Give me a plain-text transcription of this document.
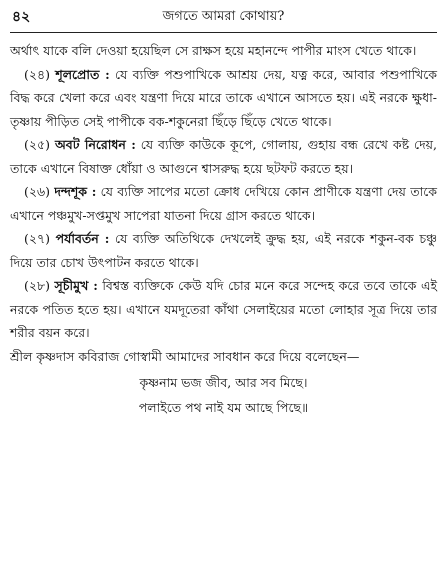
৪২	জগতে আমরা কোথায়?

অর্থাৎ যাকে বলি দেওয়া হয়েছিল সে রাক্ষস হয়ে মহানন্দে পাপীর মাংস খেতে থাকে।

(২৪) শূলপ্রোত : যে ব্যক্তি পশুপাখিকে আশ্রয় দেয়, যত্ন করে, আবার পশুপাখিকে বিদ্ধ করে খেলা করে এবং যন্ত্রণা দিয়ে মারে তাকে এখানে আসতে হয়। এই নরকে ক্ষুধা-তৃষ্ণায় পীড়িত সেই পাপীকে বক-শকুনেরা ছিঁড়ে ছিঁড়ে খেতে থাকে।

(২৫) অবট নিরোধন : যে ব্যক্তি কাউকে কূপে, গোলায়, গুহায় বন্ধ রেখে কষ্ট দেয়, তাকে এখানে বিষাক্ত ধোঁয়া ও আগুনে শ্বাসরুদ্ধ হয়ে ছটফট করতে হয়।

(২৬) দন্দশূক : যে ব্যক্তি সাপের মতো ক্রোধ দেখিয়ে কোন প্রাণীকে যন্ত্রণা দেয় তাকে এখানে পঞ্চমুখ-সপ্তমুখ সাপেরা যাতনা দিয়ে গ্রাস করতে থাকে।

(২৭) পর্যাবর্তন : যে ব্যক্তি অতিথিকে দেখলেই ক্রুদ্ধ হয়, এই নরকে শকুন-বক চঞ্চু দিয়ে তার চোখ উৎপাটন করতে থাকে।

(২৮) সূচীমুখ : বিশ্বস্ত ব্যক্তিকে কেউ যদি চোর মনে করে সন্দেহ করে তবে তাকে এই নরকে পতিত হতে হয়। এখানে যমদূতেরা কাঁথা সেলাইয়ের মতো লোহার সূত্র দিয়ে তার শরীর বয়ন করে।

শ্রীল কৃষ্ণদাস কবিরাজ গোস্বামী আমাদের সাবধান করে দিয়ে বলেছেন—

কৃষ্ণনাম ভজ জীব, আর সব মিছে।
পলাইতে পথ নাই যম আছে পিছে॥
